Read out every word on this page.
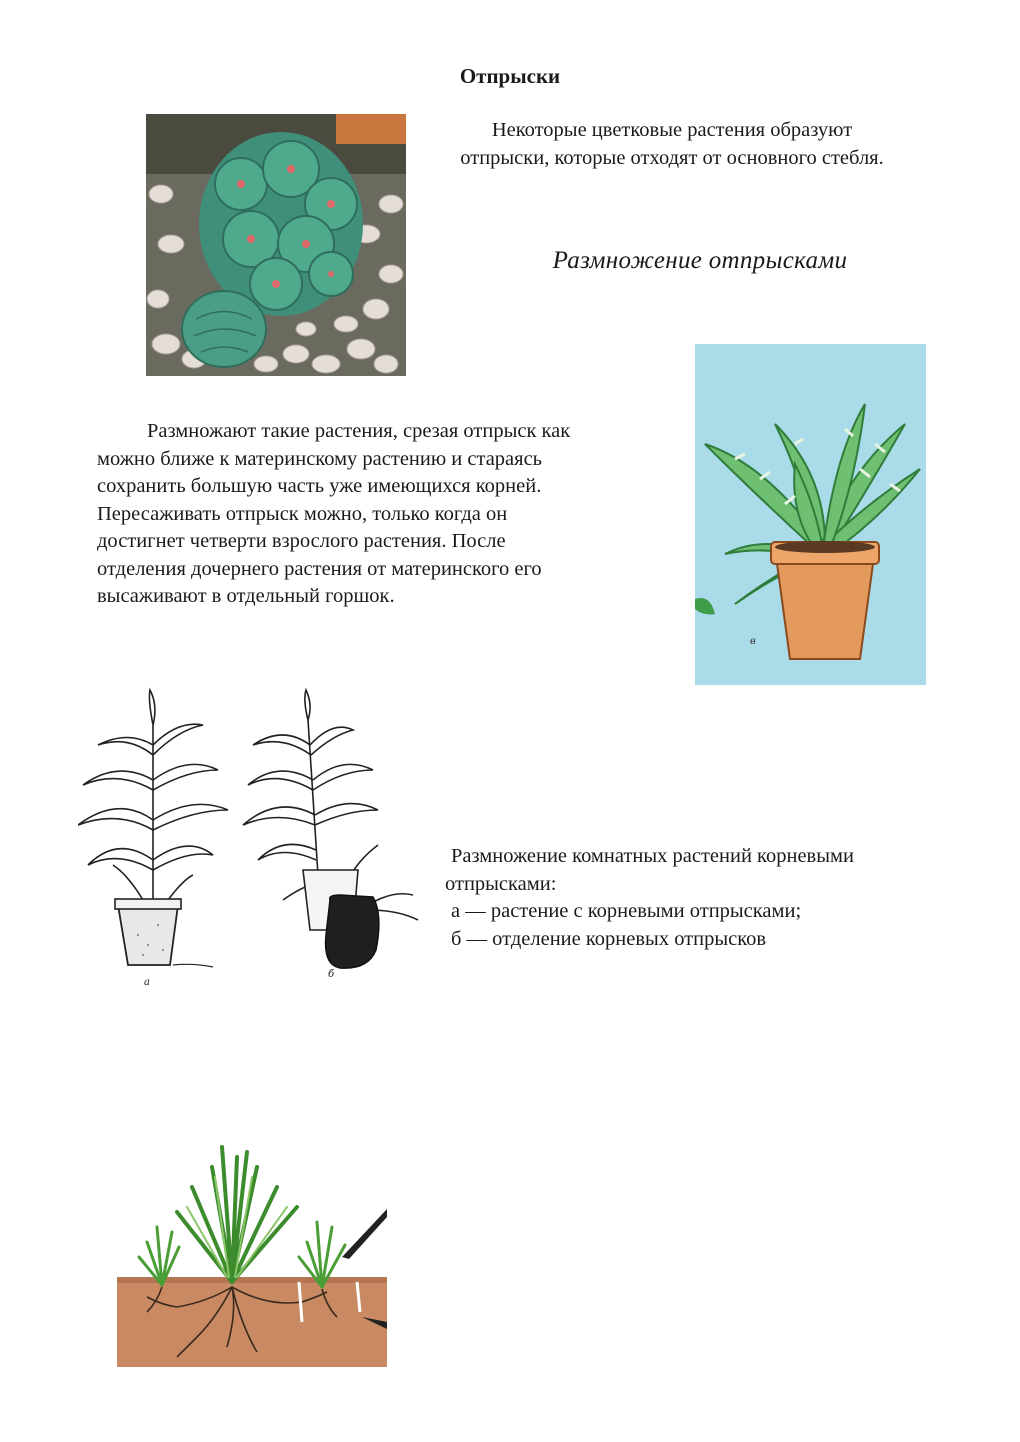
Отпрыски
Некоторые цветковые растения образуют
отпрыски, которые отходят от основного стебля.
Размножение отпрысками
Размножают такие растения, срезая отпрыск как
можно ближе к материнскому растению и стараясь
сохранить большую часть уже имеющихся корней.
Пересаживать отпрыск можно, только когда он
достигнет четверти взрослого растения. После
отделения дочернего растения от материнского его
высаживают в отдельный горшок.
в
а
б
Размножение комнатных растений корневыми
отпрысками:
а — растение с корневыми отпрысками;
б — отделение корневых отпрысков
